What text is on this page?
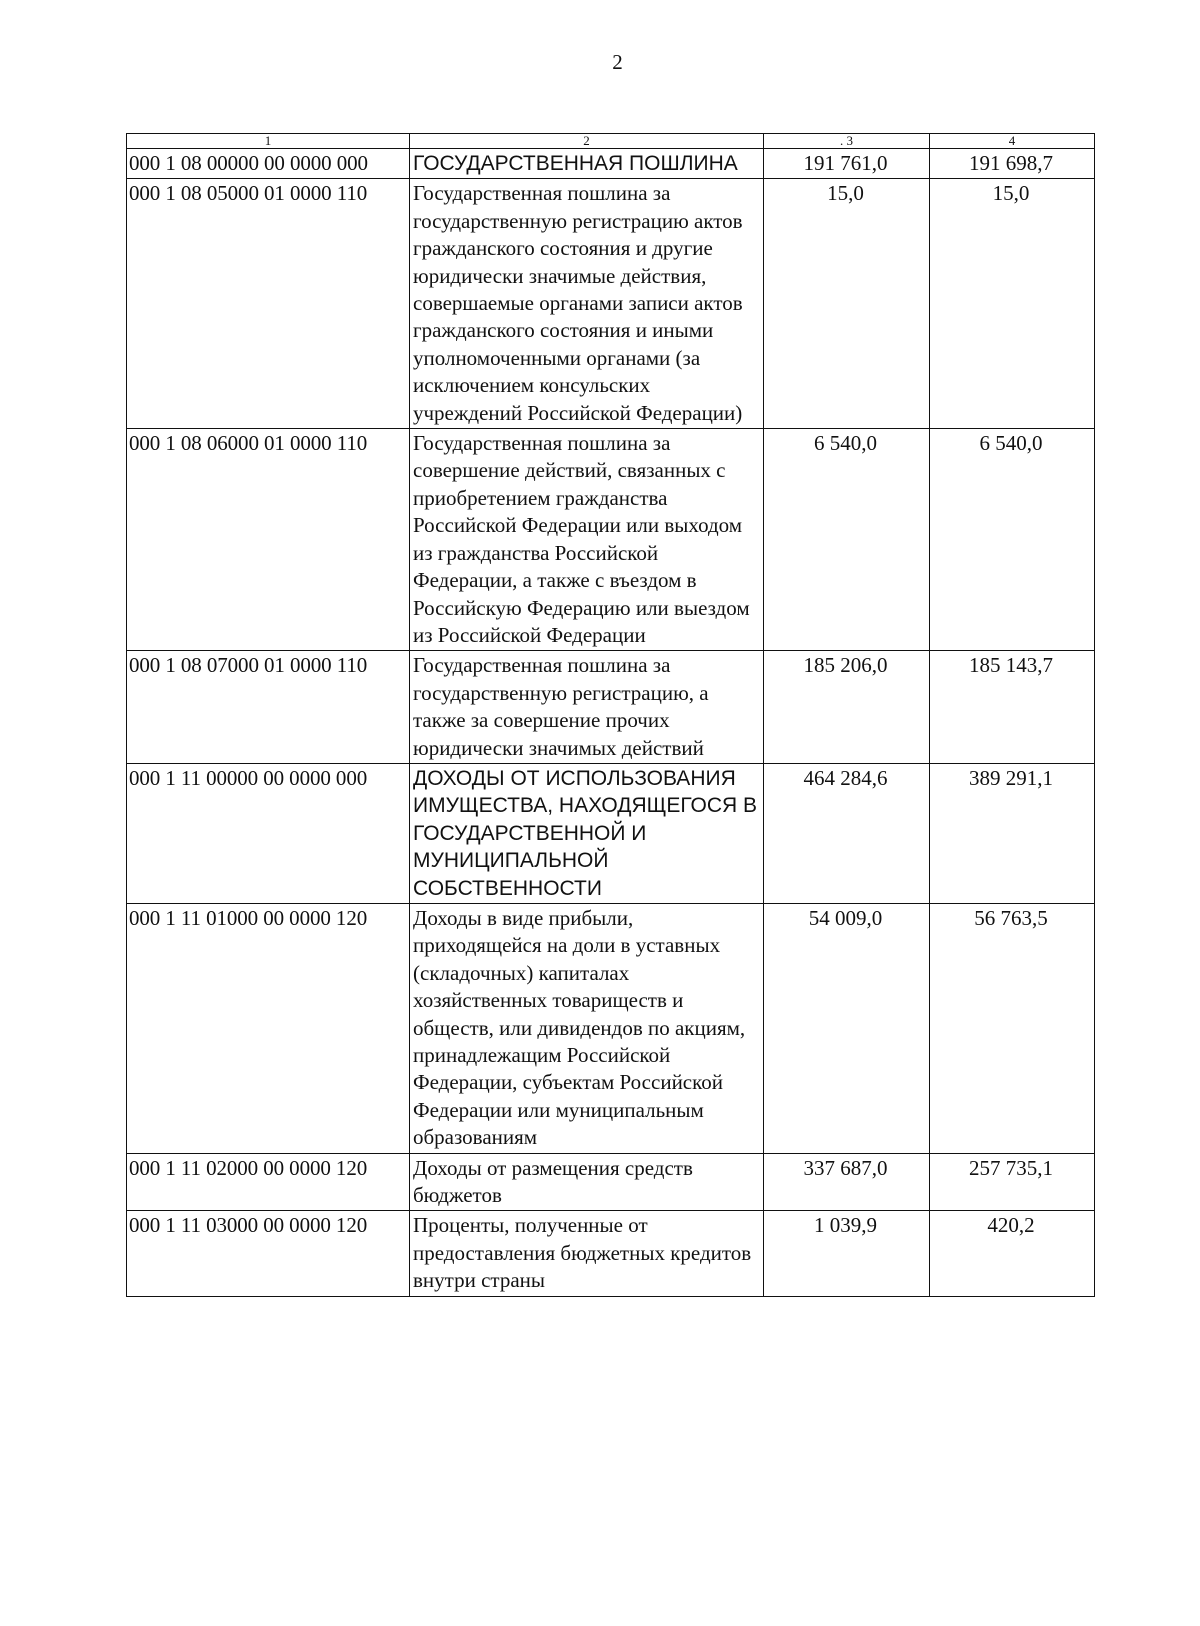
2
1	2	. 3	4
000 1 08 00000 00 0000 000	ГОСУДАРСТВЕННАЯ ПОШЛИНА	191 761,0	191 698,7
000 1 08 05000 01 0000 110	Государственная пошлина за государственную регистрацию актов гражданского состояния и другие юридически значимые действия, совершаемые органами записи актов гражданского состояния и иными уполномоченными органами (за исключением консульских учреждений Российской Федерации)	15,0	15,0
000 1 08 06000 01 0000 110	Государственная пошлина за совершение действий, связанных с приобретением гражданства Российской Федерации или выходом из гражданства Российской Федерации, а также с въездом в Российскую Федерацию или выездом из Российской Федерации	6 540,0	6 540,0
000 1 08 07000 01 0000 110	Государственная пошлина за государственную регистрацию, а также за совершение прочих юридически значимых действий	185 206,0	185 143,7
000 1 11 00000 00 0000 000	ДОХОДЫ ОТ ИСПОЛЬЗОВАНИЯ ИМУЩЕСТВА, НАХОДЯЩЕГОСЯ В ГОСУДАРСТВЕННОЙ И МУНИЦИПАЛЬНОЙ СОБСТВЕННОСТИ	464 284,6	389 291,1
000 1 11 01000 00 0000 120	Доходы в виде прибыли, приходящейся на доли в уставных (складочных) капиталах хозяйственных товариществ и обществ, или дивидендов по акциям, принадлежащим Российской Федерации, субъектам Российской Федерации или муниципальным образованиям	54 009,0	56 763,5
000 1 11 02000 00 0000 120	Доходы от размещения средств бюджетов	337 687,0	257 735,1
000 1 11 03000 00 0000 120	Проценты, полученные от предоставления бюджетных кредитов внутри страны	1 039,9	420,2
